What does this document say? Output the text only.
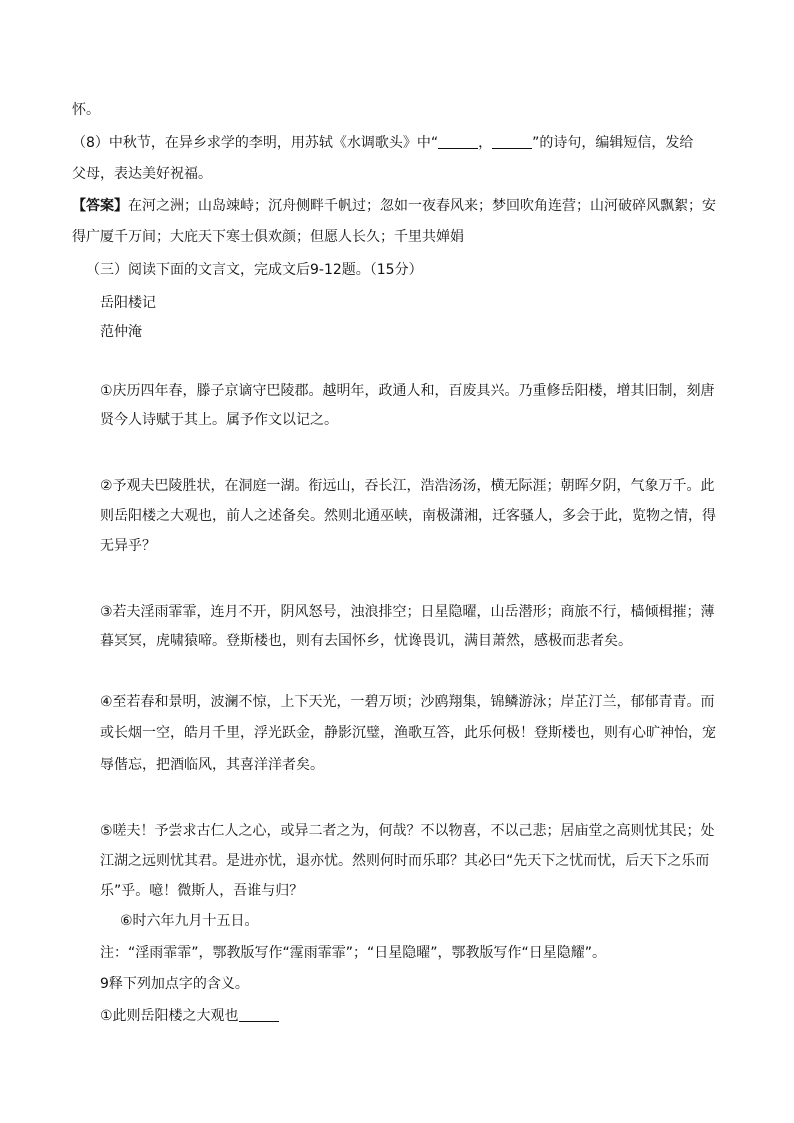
怀。
（8）中秋节，在异乡求学的李明，用苏轼《水调歌头》中“	，	”的诗句，编辑短信，发给
父母，表达美好祝福。
【答案】在河之洲；山岛竦峙；沉舟侧畔千帆过；忽如一夜春风来；梦回吹角连营；山河破碎风飘絮；安
得广厦千万间；大庇天下寒士俱欢颜；但愿人长久；千里共婵娟
（三）阅读下面的文言文，完成文后9-12题。（15分）
岳阳楼记
范仲淹
①庆历四年春，滕子京谪守巴陵郡。越明年，政通人和，百废具兴。乃重修岳阳楼，增其旧制，刻唐
贤今人诗赋于其上。属予作文以记之。
②予观夫巴陵胜状，在洞庭一湖。衔远山，吞长江，浩浩汤汤，横无际涯；朝晖夕阴，气象万千。此
则岳阳楼之大观也，前人之述备矣。然则北通巫峡，南极潇湘，迁客骚人，多会于此，览物之情，得
无异乎？
③若夫淫雨霏霏，连月不开，阴风怒号，浊浪排空；日星隐曜，山岳潜形；商旅不行，樯倾楫摧；薄
暮冥冥，虎啸猿啼。登斯楼也，则有去国怀乡，忧谗畏讥，满目萧然，感极而悲者矣。
④至若春和景明，波澜不惊，上下天光，一碧万顷；沙鸥翔集，锦鳞游泳；岸芷汀兰，郁郁青青。而
或长烟一空，皓月千里，浮光跃金，静影沉璧，渔歌互答，此乐何极！登斯楼也，则有心旷神怡，宠
辱偕忘，把酒临风，其喜洋洋者矣。
⑤嗟夫！予尝求古仁人之心，或异二者之为，何哉？不以物喜，不以己悲；居庙堂之高则忧其民；处
江湖之远则忧其君。是进亦忧，退亦忧。然则何时而乐耶？其必曰“先天下之忧而忧，后天下之乐而
乐”乎。噫！微斯人，吾谁与归？
⑥时六年九月十五日。
注：“淫雨霏霏”，鄂教版写作“霪雨霏霏”；“日星隐曜”，鄂教版写作“日星隐耀”。
9释下列加点字的含义。
①此则岳阳楼之大观也
